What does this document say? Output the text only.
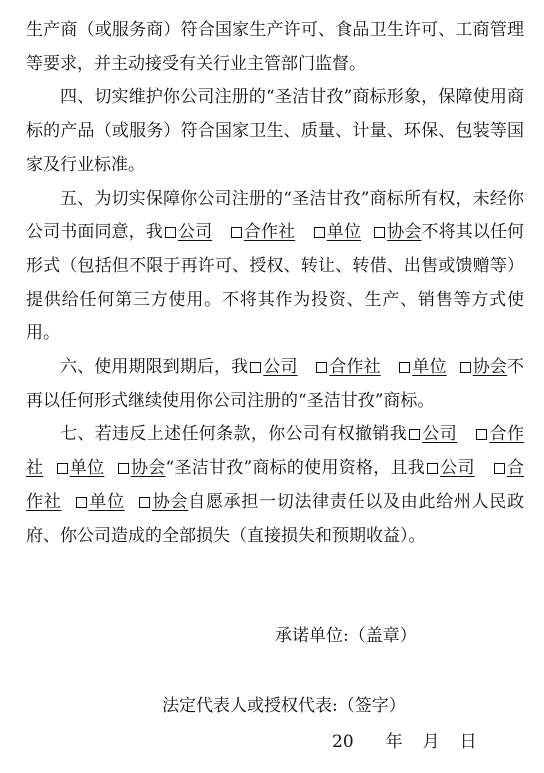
生产商（或服务商）符合国家生产许可、食品卫生许可、工商管理等要求，并主动接受有关行业主管部门监督。

四、切实维护你公司注册的“圣洁甘孜”商标形象，保障使用商标的产品（或服务）符合国家卫生、质量、计量、环保、包装等国家及行业标准。

五、为切实保障你公司注册的“圣洁甘孜”商标所有权，未经你公司书面同意，我 公司 合作社 单位 协会不将其以任何形式（包括但不限于再许可、授权、转让、转借、出售或馈赠等）提供给任何第三方使用。不将其作为投资、生产、销售等方式使用。

六、使用期限到期后，我 公司 合作社 单位 协会不再以任何形式继续使用你公司注册的“圣洁甘孜”商标。

七、若违反上述任何条款，你公司有权撤销我 公司 合作社 单位 协会“圣洁甘孜”商标的使用资格，且我 公司 合作社 单位 协会自愿承担一切法律责任以及由此给州人民政府、你公司造成的全部损失（直接损失和预期收益）。

承诺单位:（盖章）
法定代表人或授权代表:（签字）
20 年 月 日
